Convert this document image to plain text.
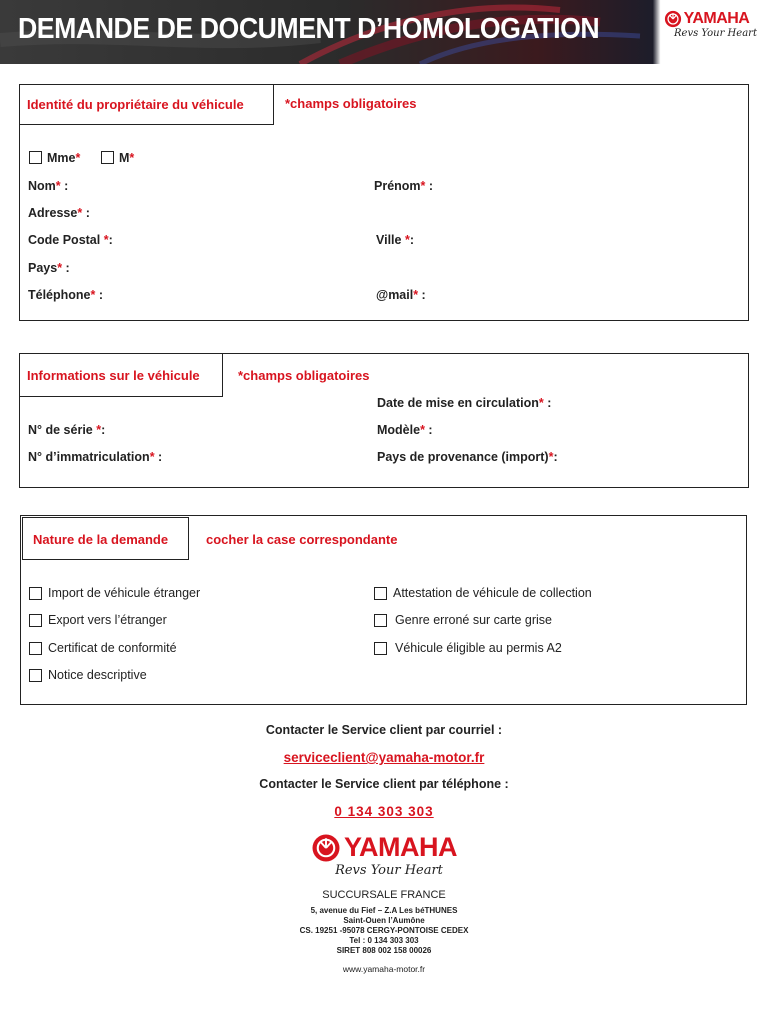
DEMANDE DE DOCUMENT D’HOMOLOGATION	YAMAHA
Revs Your Heart
Identité du propriétaire du véhicule	*champs obligatoires
Mme*	M*
Nom* :	Prénom* :
Adresse* :
Code Postal *:	Ville *:
Pays* :
Téléphone* :	@mail* :
Informations sur le véhicule	*champs obligatoires
Date de mise en circulation* :
N° de série *:	Modèle* :
N° d’immatriculation* :	Pays de provenance (import)*:
Nature de la demande	cocher la case correspondante
Import de véhicule étranger
Export vers l’étranger
Certificat de conformité
Notice descriptive
Attestation de véhicule de collection
Genre erroné sur carte grise
Véhicule éligible au permis A2
Contacter le Service client par courriel :
serviceclient@yamaha-motor.fr
Contacter le Service client par téléphone :
0 134 303 303
YAMAHA
Revs Your Heart
SUCCURSALE FRANCE
5, avenue du Fief – Z.A Les béTHUNES
Saint-Ouen l’Aumône
CS. 19251 -95078 CERGY-PONTOISE CEDEX
Tel : 0 134 303 303
SIRET 808 002 158 00026
www.yamaha-motor.fr
